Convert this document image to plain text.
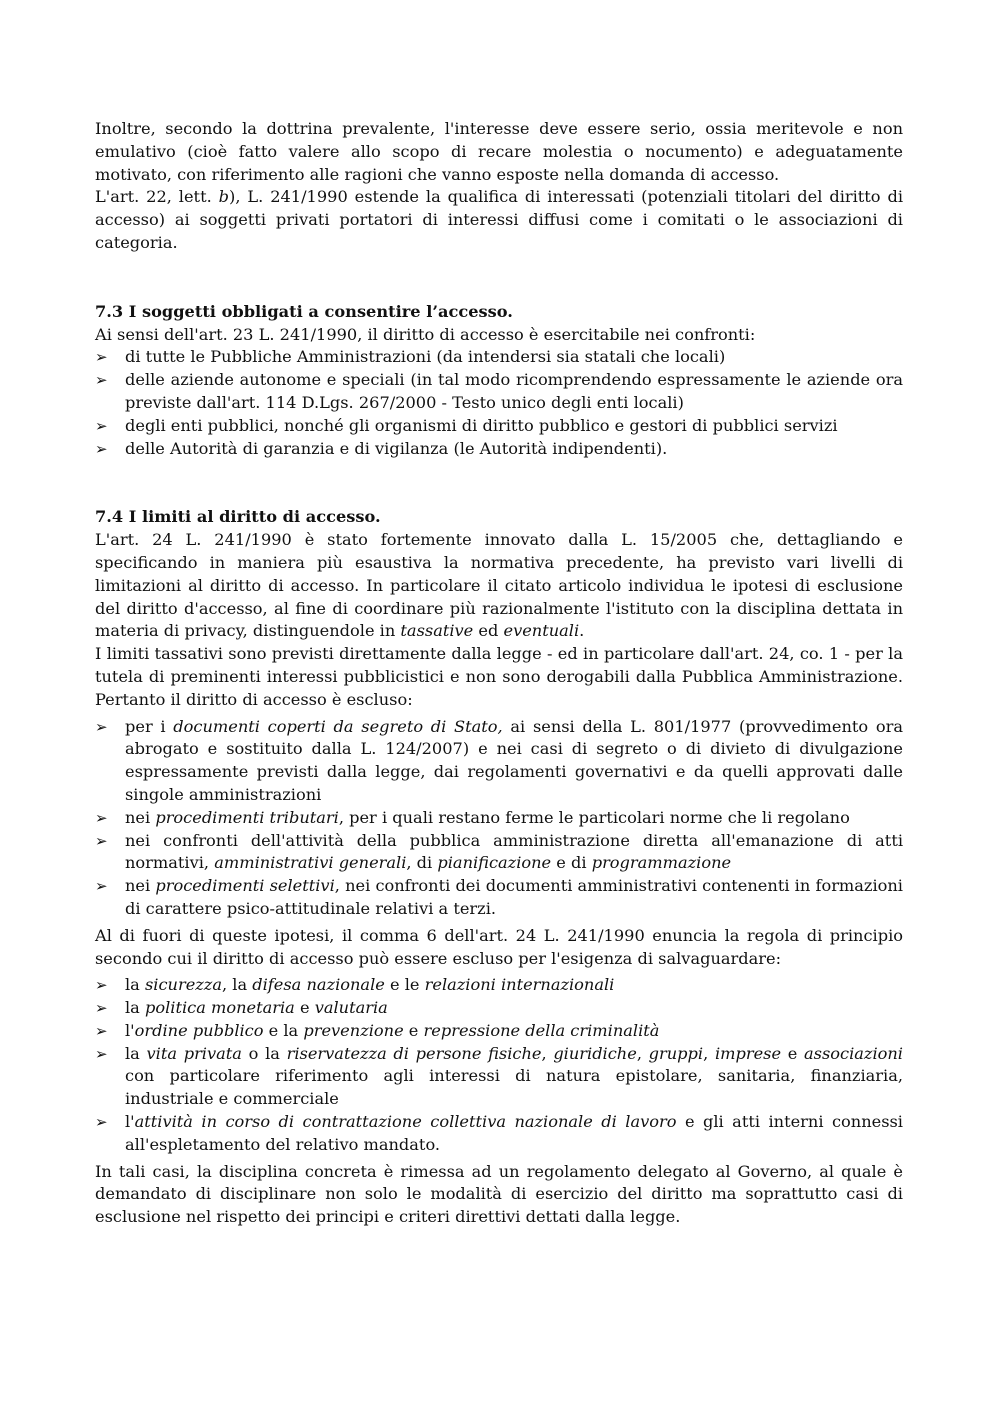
Inoltre, secondo la dottrina prevalente, l'interesse deve essere serio, ossia meritevole e non emulativo (cioè fatto valere allo scopo di recare molestia o nocumento) e adeguatamente motivato, con riferimento alle ragioni che vanno esposte nella domanda di accesso.

L'art. 22, lett. b), L. 241/1990 estende la qualifica di interessati (potenziali titolari del diritto di accesso) ai soggetti privati portatori di interessi diffusi come i comitati o le associazioni di categoria.

7.3 I soggetti obbligati a consentire l’accesso.

Ai sensi dell'art. 23 L. 241/1990, il diritto di accesso è esercitabile nei confronti:

➢	di tutte le Pubbliche Amministrazioni (da intendersi sia statali che locali)
➢	delle aziende autonome e speciali (in tal modo ricomprendendo espressamente le aziende ora previste dall'art. 114 D.Lgs. 267/2000 - Testo unico degli enti locali)
➢	degli enti pubblici, nonché gli organismi di diritto pubblico e gestori di pubblici servizi
➢	delle Autorità di garanzia e di vigilanza (le Autorità indipendenti).
7.4 I limiti al diritto di accesso.

L'art. 24 L. 241/1990 è stato fortemente innovato dalla L. 15/2005 che, dettagliando e specificando in maniera più esaustiva la normativa precedente, ha previsto vari livelli di limitazioni al diritto di accesso. In particolare il citato articolo individua le ipotesi di esclusione del diritto d'accesso, al fine di coordinare più razionalmente l'istituto con la disciplina dettata in materia di privacy, distinguendole in tassative ed eventuali.

I limiti tassativi sono previsti direttamente dalla legge - ed in particolare dall'art. 24, co. 1 - per la tutela di preminenti interessi pubblicistici e non sono derogabili dalla Pubblica Amministrazione. Pertanto il diritto di accesso è escluso:

➢	per i documenti coperti da segreto di Stato, ai sensi della L. 801/1977 (provvedimento ora abrogato e sostituito dalla L. 124/2007) e nei casi di segreto o di divieto di divulgazione espressamente previsti dalla legge, dai regolamenti governativi e da quelli approvati dalle singole amministrazioni
➢	nei procedimenti tributari, per i quali restano ferme le particolari norme che li regolano
➢	nei confronti dell'attività della pubblica amministrazione diretta all'emanazione di atti normativi, amministrativi generali, di pianificazione e di programmazione
➢	nei procedimenti selettivi, nei confronti dei documenti amministrativi contenenti in formazioni di carattere psico-attitudinale relativi a terzi.

Al di fuori di queste ipotesi, il comma 6 dell'art. 24 L. 241/1990 enuncia la regola di principio secondo cui il diritto di accesso può essere escluso per l'esigenza di salvaguardare:

➢	la sicurezza, la difesa nazionale e le relazioni internazionali
➢	la politica monetaria e valutaria
➢	l'ordine pubblico e la prevenzione e repressione della criminalità
➢	la vita privata o la riservatezza di persone fisiche, giuridiche, gruppi, imprese e associazioni con particolare riferimento agli interessi di natura epistolare, sanitaria, finanziaria, industriale e commerciale
➢	l'attività in corso di contrattazione collettiva nazionale di lavoro e gli atti interni connessi all'espletamento del relativo mandato.

In tali casi, la disciplina concreta è rimessa ad un regolamento delegato al Governo, al quale è demandato di disciplinare non solo le modalità di esercizio del diritto ma soprattutto casi di esclusione nel rispetto dei principi e criteri direttivi dettati dalla legge.
